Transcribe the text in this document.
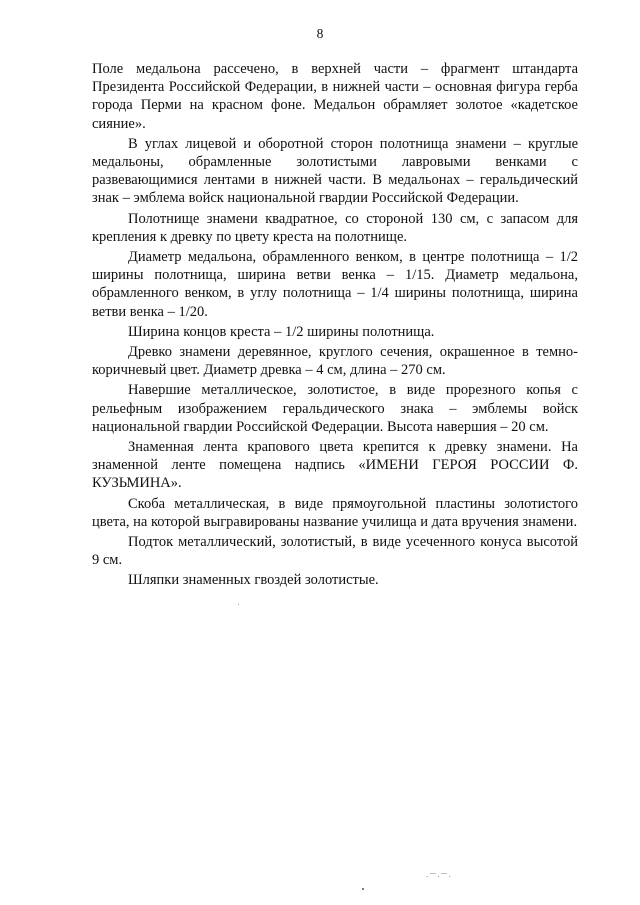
8

Поле медальона рассечено, в верхней части – фрагмент штандарта Президента Российской Федерации, в нижней части – основная фигура герба города Перми на красном фоне. Медальон обрамляет золотое «кадетское сияние».

В углах лицевой и оборотной сторон полотнища знамени – круглые медальоны, обрамленные золотистыми лавровыми венками с развевающимися лентами в нижней части. В медальонах – геральдический знак – эмблема войск национальной гвардии Российской Федерации.

Полотнище знамени квадратное, со стороной 130 см, с запасом для крепления к древку по цвету креста на полотнище.

Диаметр медальона, обрамленного венком, в центре полотнища – 1/2 ширины полотнища, ширина ветви венка – 1/15. Диаметр медальона, обрамленного венком, в углу полотнища – 1/4 ширины полотнища, ширина ветви венка – 1/20.

Ширина концов креста – 1/2 ширины полотнища.

Древко знамени деревянное, круглого сечения, окрашенное в темно-коричневый цвет. Диаметр древка – 4 см, длина – 270 см.

Навершие металлическое, золотистое, в виде прорезного копья с рельефным изображением геральдического знака – эмблемы войск национальной гвардии Российской Федерации. Высота навершия – 20 см.

Знаменная лента крапового цвета крепится к древку знамени. На знаменной ленте помещена надпись «ИМЕНИ ГЕРОЯ РОССИИ Ф. КУЗЬМИНА».

Скоба металлическая, в виде прямоугольной пластины золотистого цвета, на которой выгравированы название училища и дата вручения знамени.

Подток металлический, золотистый, в виде усеченного конуса высотой 9 см.

Шляпки знаменных гвоздей золотистые.

·⌒·⌒·
